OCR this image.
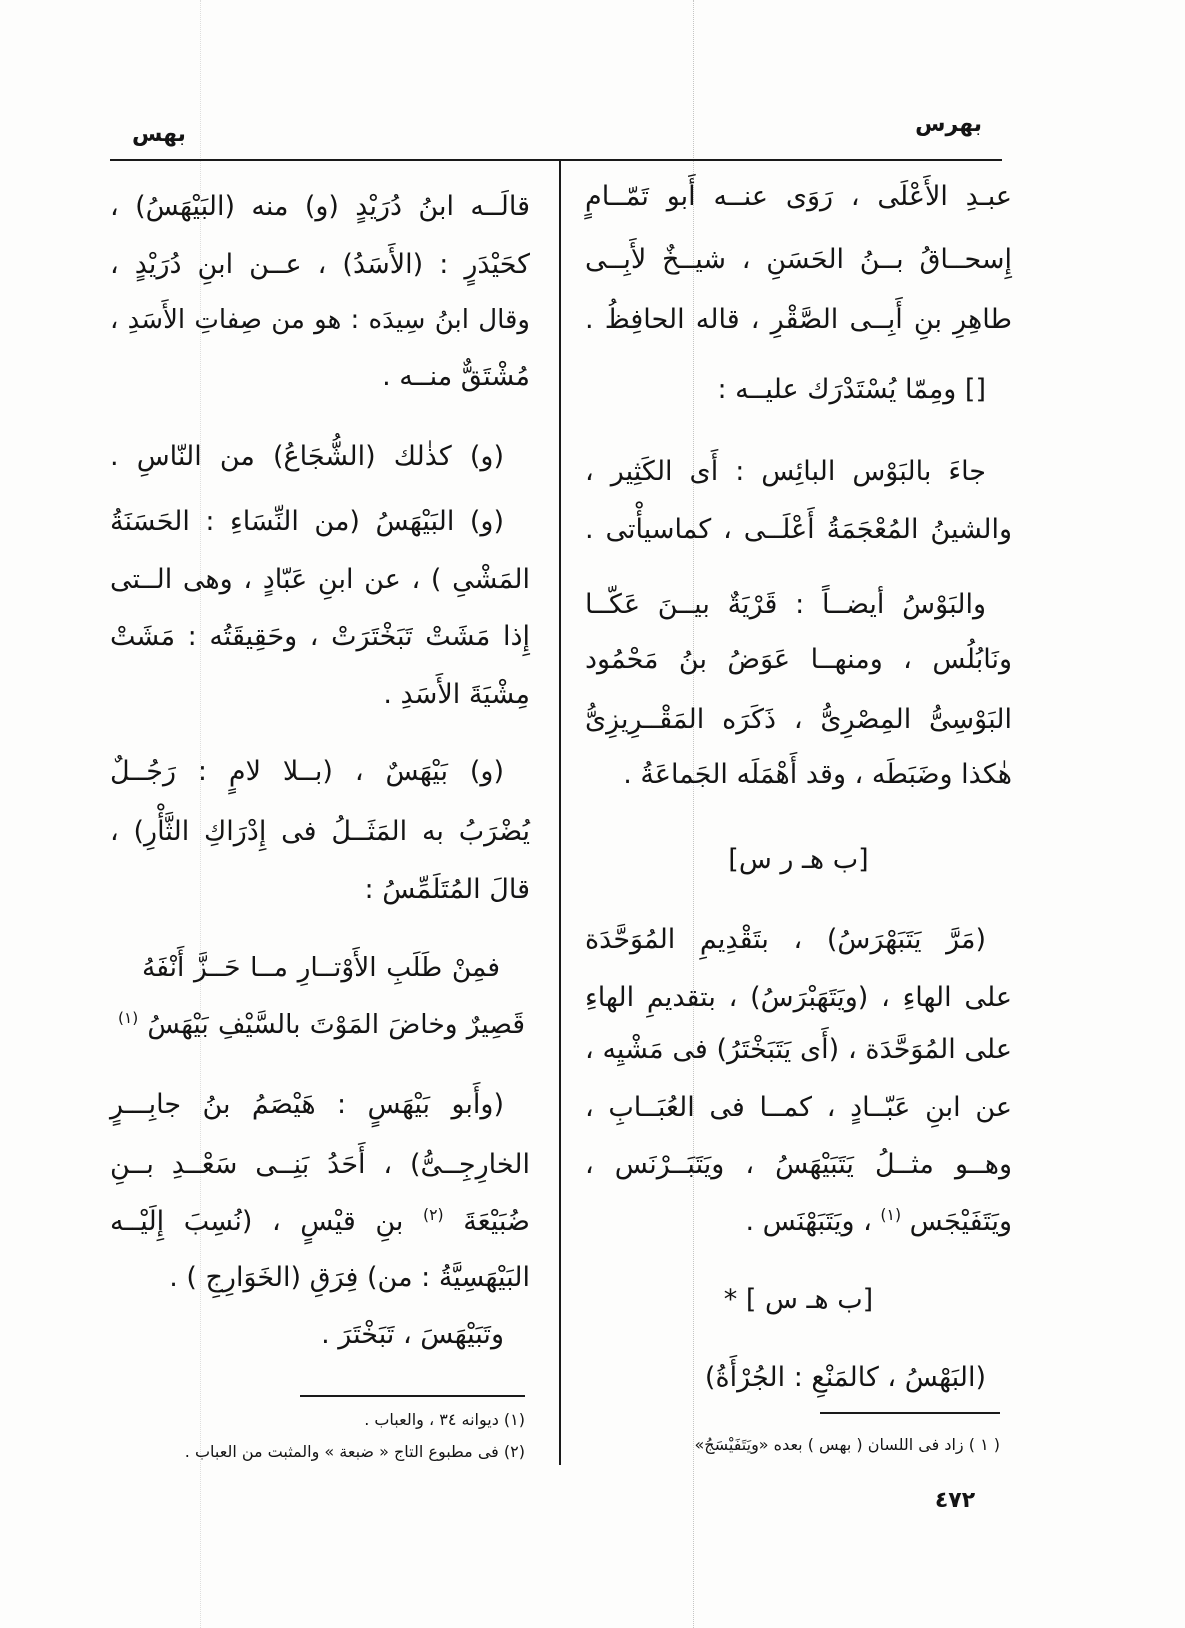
بهرس
بهس
عبـدِ الأَعْلَى ، رَوَى عنــه أَبو تَمّــامٍ
إِسحــاقُ بــنُ الحَسَنِ ، شيــخٌ لأَبِــى
طاهِرِ بنِ أَبِــى الصَّقْرِ ، قاله الحافِظُ .
[] ومِمّا يُسْتَدْرَك عليــه :
جاءَ بالبَوْس البائِس : أَى الكَثِير ،
والشينُ المُعْجَمَةُ أَعْلَــى ، كماسيأْتى .
والبَوْسُ أيضــاً : قَرْيَةٌ بيــنَ عَكّــا
ونَابُلُس ، ومنهــا عَوَضُ بنُ مَحْمُود
البَوْسِىُّ المِصْرِىُّ ، ذَكَرَه المَقْــرِيزِىُّ
هٰكذا وضَبَطَه ، وقد أَهْمَلَه الجَماعَةُ .
[ب هـ ر س]
(مَرَّ يَتَبَهْرَسُ) ، بتَقْدِيمِ المُوَحَّدَة
على الهاءِ ، (ويَتَهَبْرَسُ) ، بتقديمِ الهاءِ
على المُوَحَّدَة ، (أَى يَتَبَخْتَرُ) فى مَشْيِه ،
عن ابنِ عَبّــادٍ ، كمــا فى العُبَــابِ ،
وهــو مثــلُ يَتَبَيْهَسُ ، ويَتَبَــرْنَس ،
ويَتَفَيْجَس $^{(١)}$ ، ويَتَبَهْنَس .
[ب هـ س ] *
(البَهْسُ ، كالمَنْعِ : الجُرْأَةُ)
( ١ ) زاد فى اللسان ( بهس ) بعده «ويَتَفَيْسَجُ»
قالَــه ابنُ دُرَيْدٍ (و) منه (البَيْهَسُ) ،
كحَيْدَرٍ : (الأَسَدُ) ، عــن ابنِ دُرَيْدٍ ،
وقال ابنُ سِيدَه : هو من صِفاتِ الأَسَدِ ،
مُشْتَقٌّ منــه .
(و) كذٰلك (الشُّجَاعُ) من النّاسِ .
(و) البَيْهَسُ (من النِّسَاءِ : الحَسَنَةُ
المَشْىِ ) ، عن ابنِ عَبّادٍ ، وهى الــتى
إِذا مَشَتْ تَبَخْتَرَتْ ، وحَقِيقَتُه : مَشَتْ
مِشْيَةَ الأَسَدِ .
(و) بَيْهَسٌ ، (بــلا لامٍ : رَجُــلٌ
يُضْرَبُ به المَثَــلُ فى إِدْرَاكِ الثَّأْرِ) ،
قالَ المُتَلَمِّسُ :
فمِنْ طَلَبِ الأَوْتــارِ مــا حَــزَّ أَنْفَهُ
قَصِيرٌ وخاضَ المَوْتَ بالسَّيْفِ بَيْهَسُ $^{(١)}$
(وأَبو بَيْهَسٍ : هَيْصَمُ بنُ جابِـــرٍ
الخارِجِــىُّ) ، أَحَدُ بَنِــى سَعْــدِ بــنِ
ضُبَيْعَةَ $^{(٢)}$ بنِ قيْسٍ ، (نُسِبَ إِلَيْــه
البَيْهَسِيَّةُ : من) فِرَقِ (الخَوَارِجِ ) .
وتَبَيْهَسَ ، تَبَخْتَرَ .
(١) ديوانه ٣٤ ، والعباب .
(٢) فى مطبوع التاج « ضبعة » والمثبت من العباب .
٤٧٢
